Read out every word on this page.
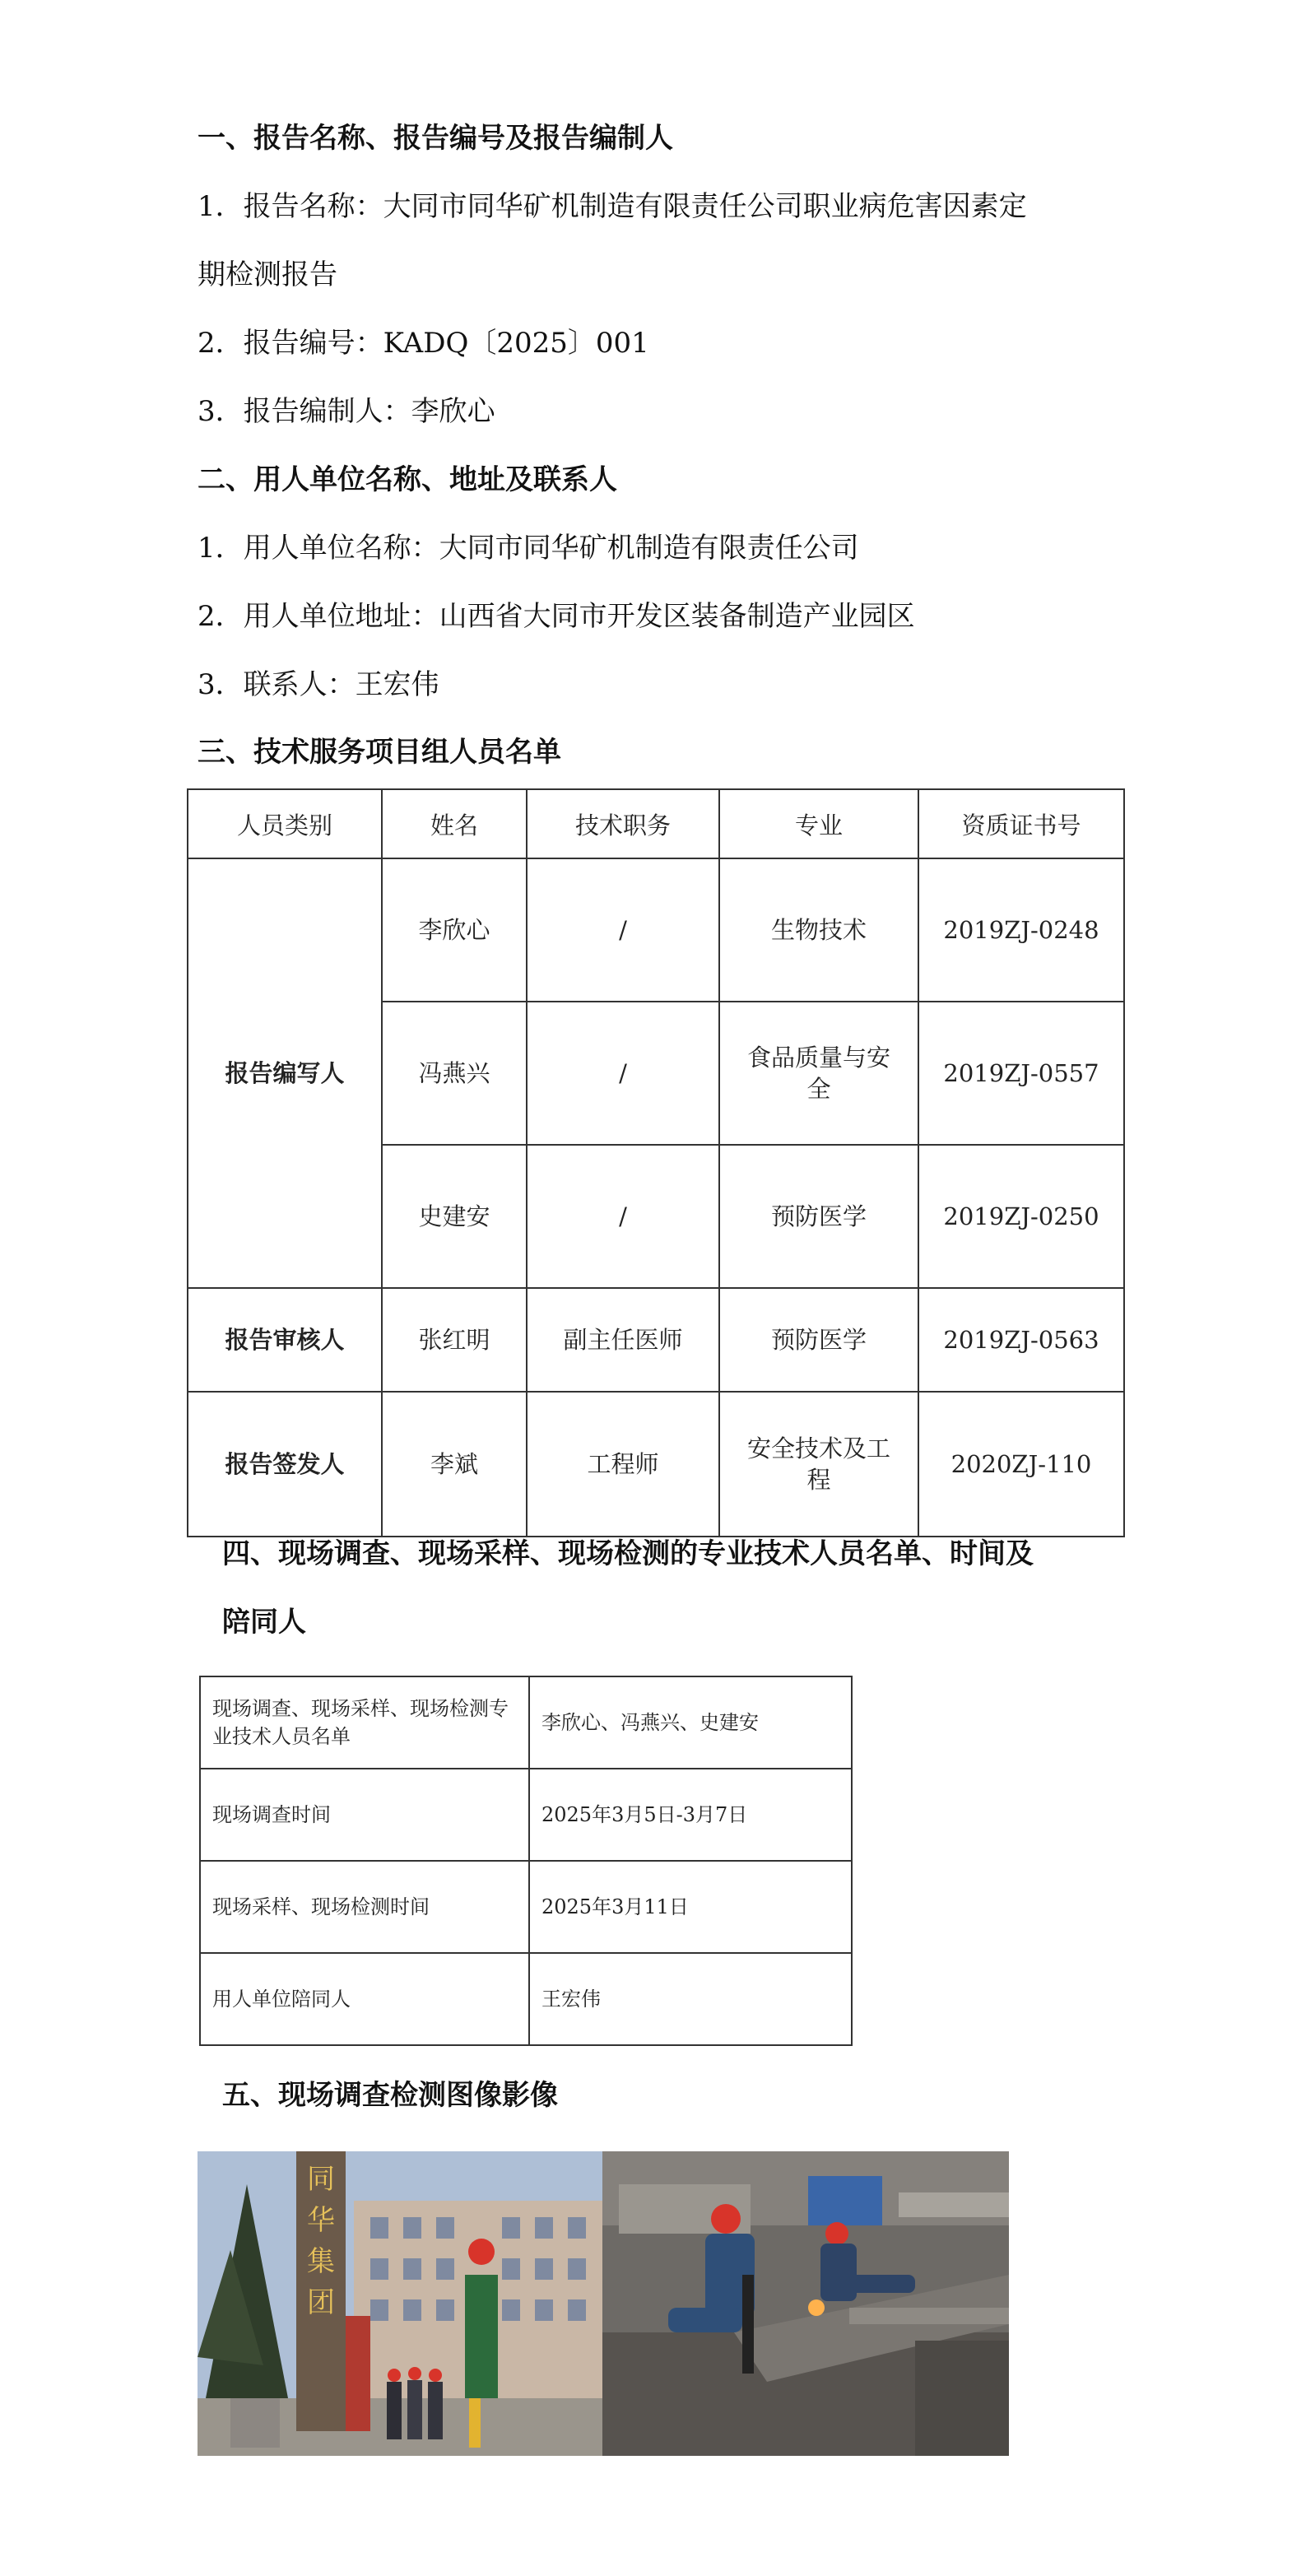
一、报告名称、报告编号及报告编制人
1．报告名称：大同市同华矿机制造有限责任公司职业病危害因素定
期检测报告
2．报告编号：KADQ〔2025〕001
3．报告编制人：李欣心
二、用人单位名称、地址及联系人
1．用人单位名称：大同市同华矿机制造有限责任公司
2．用人单位地址：山西省大同市开发区装备制造产业园区
3．联系人：王宏伟
三、技术服务项目组人员名单
人员类别	姓名	技术职务	专业	资质证书号
报告编写人	李欣心	/	生物技术	2019ZJ-0248
	冯燕兴	/	食品质量与安全	2019ZJ-0557
	史建安	/	预防医学	2019ZJ-0250
报告审核人	张红明	副主任医师	预防医学	2019ZJ-0563
报告签发人	李斌	工程师	安全技术及工程	2020ZJ-110
四、现场调查、现场采样、现场检测的专业技术人员名单、时间及
陪同人
现场调查、现场采样、现场检测专业技术人员名单	李欣心、冯燕兴、史建安
现场调查时间	2025年3月5日-3月7日
现场采样、现场检测时间	2025年3月11日
用人单位陪同人	王宏伟
五、现场调查检测图像影像
同
华
集
团
